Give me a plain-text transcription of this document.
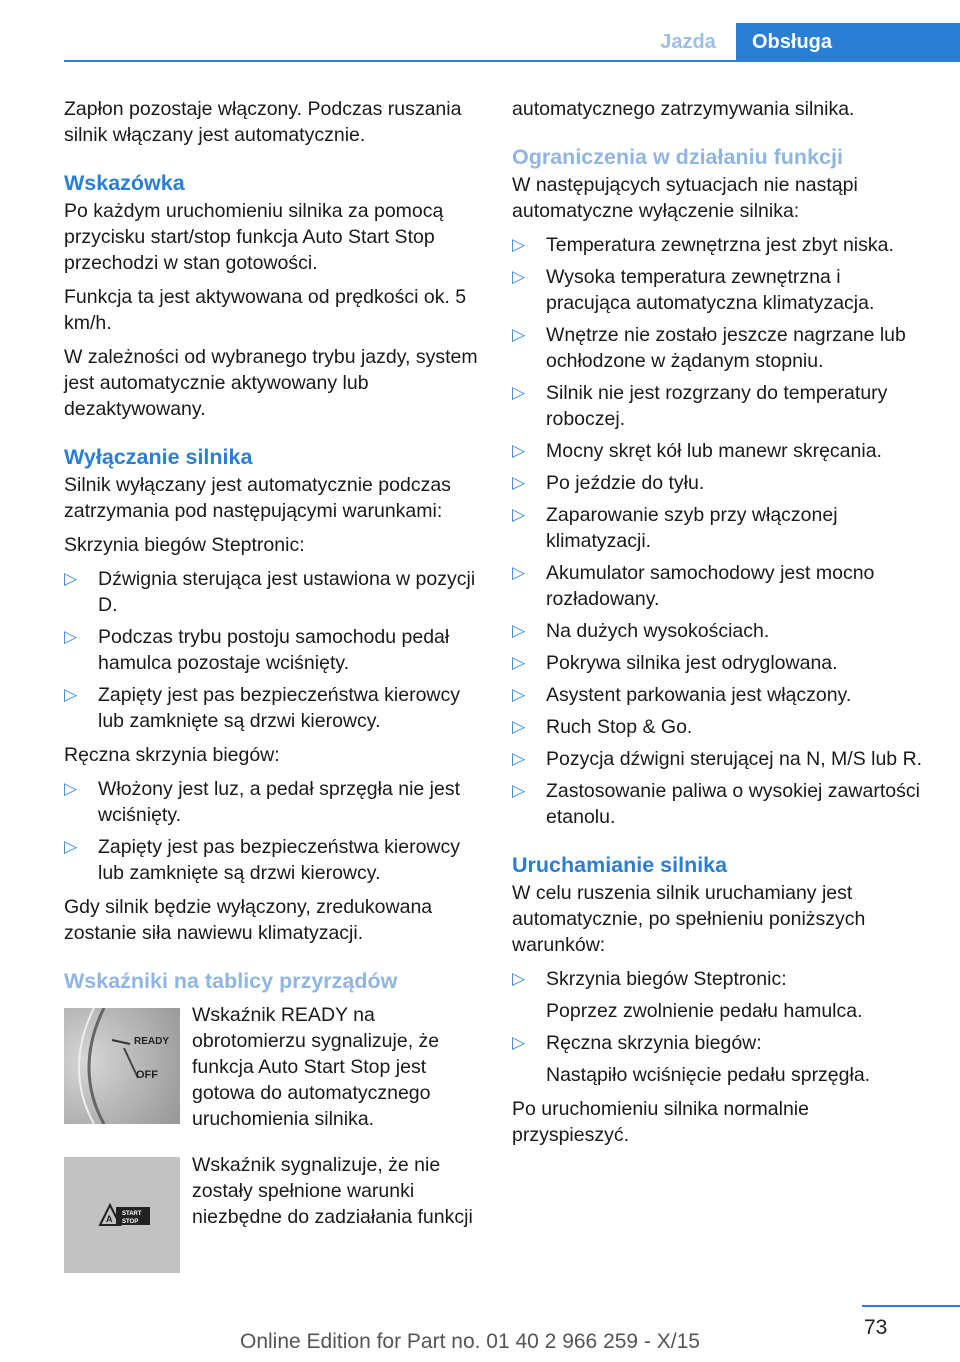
Jazda	Obsługa

Zapłon pozostaje włączony. Podczas ruszania silnik włączany jest automatycznie.

Wskazówka

Po każdym uruchomieniu silnika za pomocą przycisku start/stop funkcja Auto Start Stop przechodzi w stan gotowości.

Funkcja ta jest aktywowana od prędkości ok. 5 km/h.

W zależności od wybranego trybu jazdy, system jest automatycznie aktywowany lub dezaktywowany.

Wyłączanie silnika

Silnik wyłączany jest automatycznie podczas zatrzymania pod następującymi warunkami:

Skrzynia biegów Steptronic:

▷ Dźwignia sterująca jest ustawiona w pozycji D.
▷ Podczas trybu postoju samochodu pedał hamulca pozostaje wciśnięty.
▷ Zapięty jest pas bezpieczeństwa kierowcy lub zamknięte są drzwi kierowcy.

Ręczna skrzynia biegów:

▷ Włożony jest luz, a pedał sprzęgła nie jest wciśnięty.
▷ Zapięty jest pas bezpieczeństwa kierowcy lub zamknięte są drzwi kierowcy.

Gdy silnik będzie wyłączony, zredukowana zostanie siła nawiewu klimatyzacji.

Wskaźniki na tablicy przyrządów
READY
OFF
Wskaźnik READY na obrotomierzu sygnalizuje, że funkcja Auto Start Stop jest gotowa do automatycznego uruchomienia silnika.
A START
STOP
Wskaźnik sygnalizuje, że nie zostały spełnione warunki niezbędne do zadziałania funkcji

automatycznego zatrzymywania silnika.

Ograniczenia w działaniu funkcji

W następujących sytuacjach nie nastąpi automatyczne wyłączenie silnika:

▷ Temperatura zewnętrzna jest zbyt niska.
▷ Wysoka temperatura zewnętrzna i pracująca automatyczna klimatyzacja.
▷ Wnętrze nie zostało jeszcze nagrzane lub ochłodzone w żądanym stopniu.
▷ Silnik nie jest rozgrzany do temperatury roboczej.
▷ Mocny skręt kół lub manewr skręcania.
▷ Po jeździe do tyłu.
▷ Zaparowanie szyb przy włączonej klimatyzacji.
▷ Akumulator samochodowy jest mocno rozładowany.
▷ Na dużych wysokościach.
▷ Pokrywa silnika jest odryglowana.
▷ Asystent parkowania jest włączony.
▷ Ruch Stop & Go.
▷ Pozycja dźwigni sterującej na N, M/S lub R.
▷ Zastosowanie paliwa o wysokiej zawartości etanolu.
Uruchamianie silnika

W celu ruszenia silnik uruchamiany jest automatycznie, po spełnieniu poniższych warunków:

▷ Skrzynia biegów Steptronic:
Poprzez zwolnienie pedału hamulca.
▷ Ręczna skrzynia biegów:
Nastąpiło wciśnięcie pedału sprzęgła.

Po uruchomieniu silnika normalnie przyspieszyć.

73
Online Edition for Part no. 01 40 2 966 259 - X/15
